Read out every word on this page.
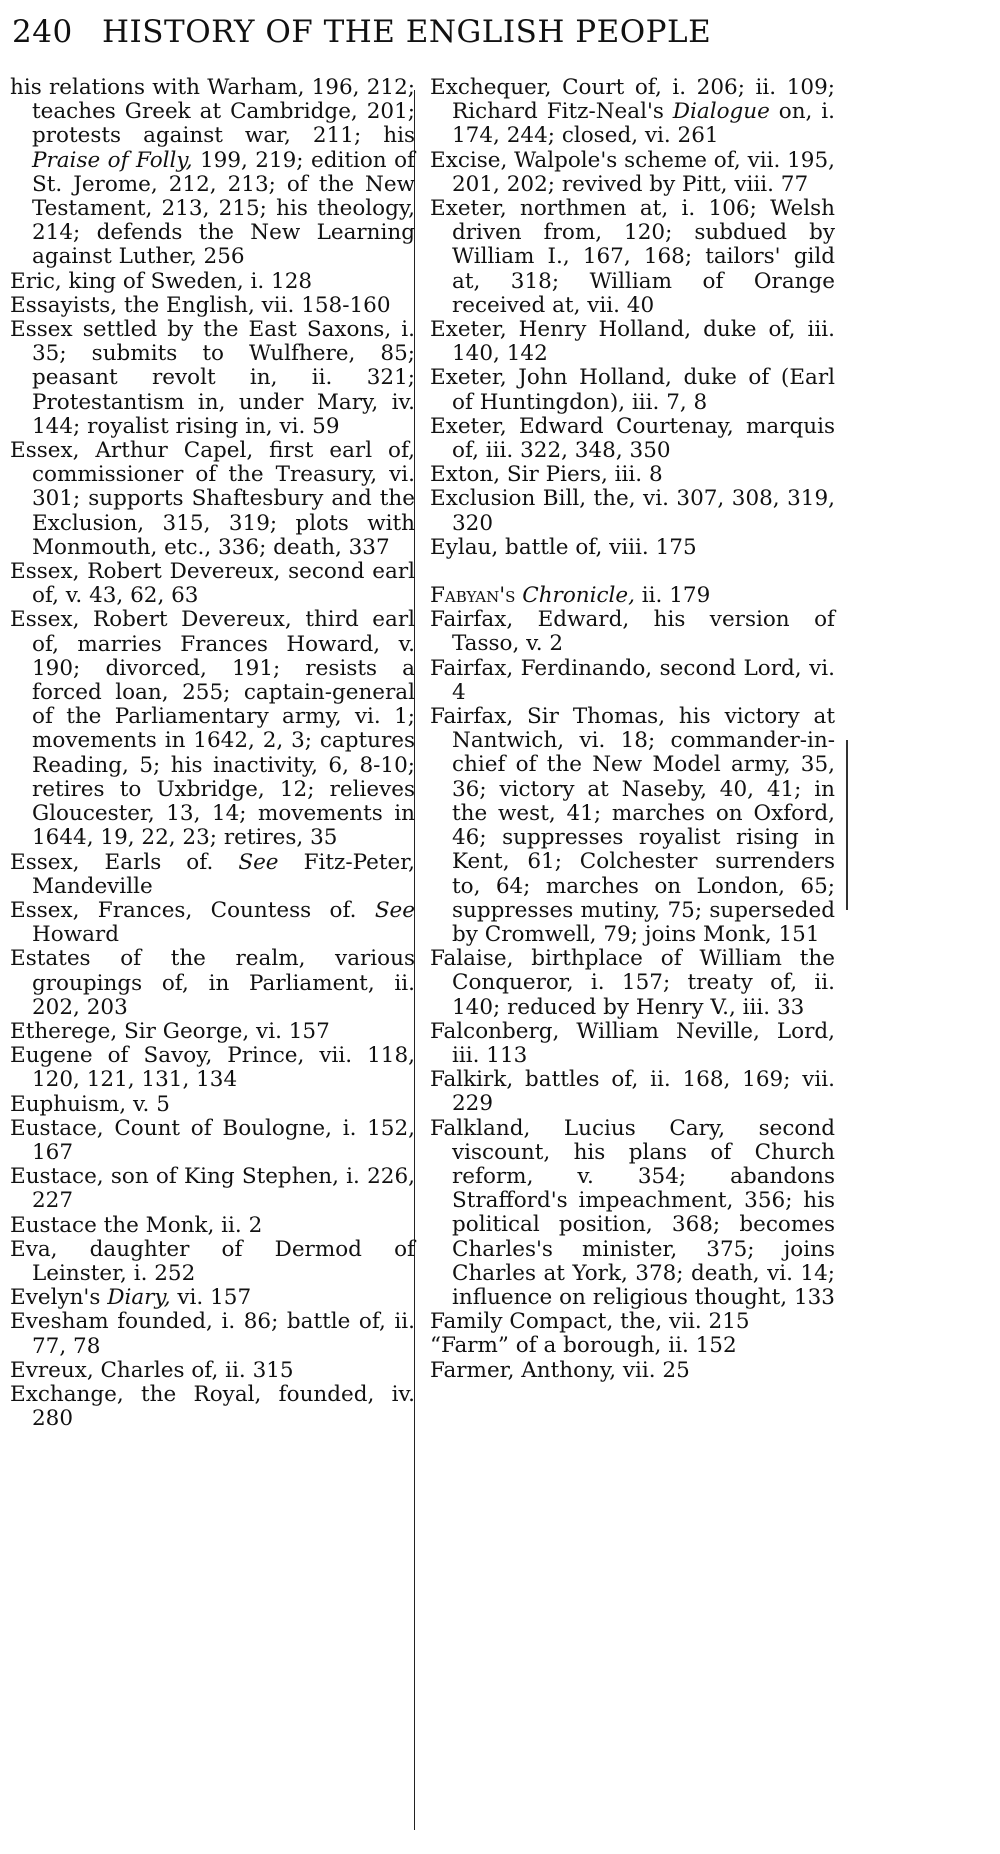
240 HISTORY OF THE ENGLISH PEOPLE
his relations with Warham, 196, 212; teaches Greek at Cambridge, 201; protests against war, 211; his Praise of Folly, 199, 219; edition of St. Jerome, 212, 213; of the New Testament, 213, 215; his theology, 214; defends the New Learning against Luther, 256
Eric, king of Sweden, i. 128
Essayists, the English, vii. 158-160
Essex settled by the East Saxons, i. 35; submits to Wulfhere, 85; peasant revolt in, ii. 321; Protestantism in, under Mary, iv. 144; royalist rising in, vi. 59
Essex, Arthur Capel, first earl of, commissioner of the Treasury, vi. 301; supports Shaftesbury and the Exclusion, 315, 319; plots with Monmouth, etc., 336; death, 337
Essex, Robert Devereux, second earl of, v. 43, 62, 63
Essex, Robert Devereux, third earl of, marries Frances Howard, v. 190; divorced, 191; resists a forced loan, 255; captain-general of the Parliamentary army, vi. 1; movements in 1642, 2, 3; captures Reading, 5; his inactivity, 6, 8-10; retires to Uxbridge, 12; relieves Gloucester, 13, 14; movements in 1644, 19, 22, 23; retires, 35
Essex, Earls of. See Fitz-Peter, Mandeville
Essex, Frances, Countess of. See Howard
Estates of the realm, various groupings of, in Parliament, ii. 202, 203
Etherege, Sir George, vi. 157
Eugene of Savoy, Prince, vii. 118, 120, 121, 131, 134
Euphuism, v. 5
Eustace, Count of Boulogne, i. 152, 167
Eustace, son of King Stephen, i. 226, 227
Eustace the Monk, ii. 2
Eva, daughter of Dermod of Leinster, i. 252
Evelyn's Diary, vi. 157
Evesham founded, i. 86; battle of, ii. 77, 78
Evreux, Charles of, ii. 315
Exchange, the Royal, founded, iv. 280
Exchequer, Court of, i. 206; ii. 109; Richard Fitz-Neal's Dialogue on, i. 174, 244; closed, vi. 261
Excise, Walpole's scheme of, vii. 195, 201, 202; revived by Pitt, viii. 77
Exeter, northmen at, i. 106; Welsh driven from, 120; subdued by William I., 167, 168; tailors' gild at, 318; William of Orange received at, vii. 40
Exeter, Henry Holland, duke of, iii. 140, 142
Exeter, John Holland, duke of (Earl of Huntingdon), iii. 7, 8
Exeter, Edward Courtenay, marquis of, iii. 322, 348, 350
Exton, Sir Piers, iii. 8
Exclusion Bill, the, vi. 307, 308, 319, 320
Eylau, battle of, viii. 175
Fabyan's Chronicle, ii. 179
Fairfax, Edward, his version of Tasso, v. 2
Fairfax, Ferdinando, second Lord, vi. 4
Fairfax, Sir Thomas, his victory at Nantwich, vi. 18; commander-in-chief of the New Model army, 35, 36; victory at Naseby, 40, 41; in the west, 41; marches on Oxford, 46; suppresses royalist rising in Kent, 61; Colchester surrenders to, 64; marches on London, 65; suppresses mutiny, 75; superseded by Cromwell, 79; joins Monk, 151
Falaise, birthplace of William the Conqueror, i. 157; treaty of, ii. 140; reduced by Henry V., iii. 33
Falconberg, William Neville, Lord, iii. 113
Falkirk, battles of, ii. 168, 169; vii. 229
Falkland, Lucius Cary, second viscount, his plans of Church reform, v. 354; abandons Strafford's impeachment, 356; his political position, 368; becomes Charles's minister, 375; joins Charles at York, 378; death, vi. 14; influence on religious thought, 133
Family Compact, the, vii. 215
“Farm” of a borough, ii. 152
Farmer, Anthony, vii. 25
